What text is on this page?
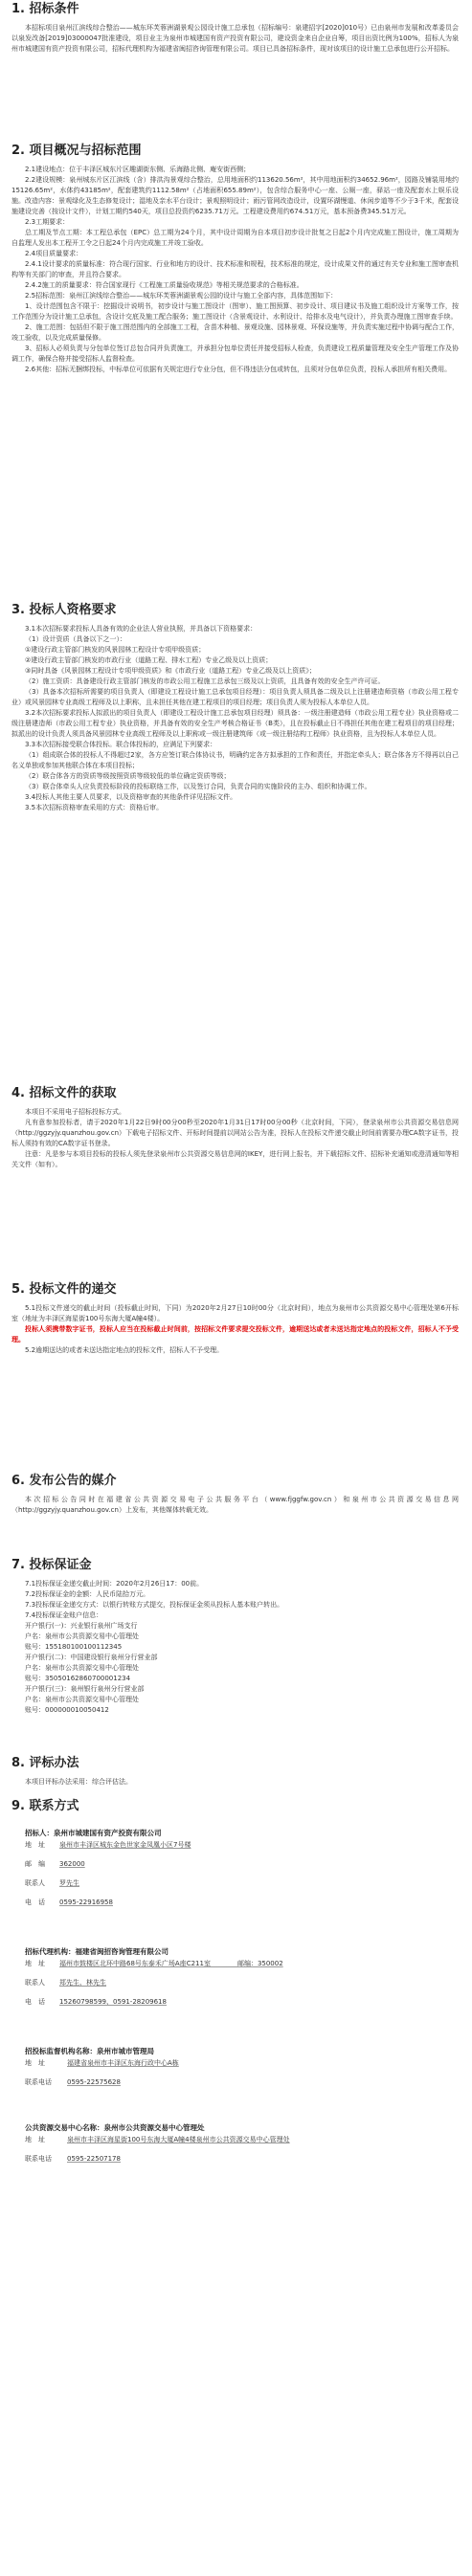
1. 招标条件

本招标项目泉州江滨线综合整治——城东环芙蓉洲湖景观公园设计施工总承包（招标编号：泉建招字[2020]010号）已由泉州市发展和改革委员会以泉发改备[2019]03000047批准建设，项目业主为泉州市城建国有资产投资有限公司，建设资金来自企业自筹，项目出资比例为100%，招标人为泉州市城建国有资产投资有限公司，招标代理机构为福建省闽招咨询管理有限公司。项目已具备招标条件，现对该项目的设计施工总承包进行公开招标。

2. 项目概况与招标范围

2.1建设地点：位于丰泽区城东片区趣湖街东侧、乐海路北侧、庵安街西侧；

2.2建设规模：泉州城东片区江滨线（含）排洪沟景观综合整治，总用地面积约113620.56m²，其中用地面积约34652.96m²，园路及铺装用地约15126.65m²，水体约43185m²，配套建筑约1112.58m²（占地面积655.89m²），包含综合服务中心一座、公厕一座，驿站一座及配套水上娱乐设施。改造内容：景观绿化及生态修复设计；湿地及亲水平台设计；景观照明设计；雨污管网改造设计，设置环湖慢道、休闲步道等不少于3千米，配套设施建设完善（按设计文件），计划工期约540天，项目总投资约6235.71万元。工程建设费用约674.51万元，基本预备费345.51万元。

2.3工期要求：

总工期及节点工期：本工程总承包（EPC）总工期为24个月，其中设计周期为自本项目初步设计批复之日起2个月内完成施工图设计，施工周期为自监理人发出本工程开工令之日起24个月内完成施工并竣工验收。

2.4项目质量要求：

2.4.1设计要求的质量标准：符合现行国家、行业和地方的设计、技术标准和规程，技术标准的规定，设计成果文件的通过有关专业和施工图审查机构等有关部门的审查，并且符合要求。

2.4.2施工的质量要求：符合国家现行《工程施工质量验收规范》等相关规范要求的合格标准。

2.5招标范围：泉州江滨线综合整治——城东环芙蓉洲湖景观公园的设计与施工全部内容，具体范围如下：

1、设计范围包含不限于：挖掘设计说明书，初步设计与施工图设计（图审）、施工图预算、初步设计、项目建议书及施工组织设计方案等工作，按工作范围分为设计施工总承包，含设计交底及施工配合服务；施工图设计（含景观设计、水利设计、给排水及电气设计），并负责办理施工图审查手续。

2、施工范围：包括但不限于施工图范围内的全部施工工程，含苗木种植、景观设施、园林景观、环保设施等，并负责实施过程中协调与配合工作，竣工验收，以及完成质量保修。

3、招标人必须负责与分包单位签订总包合同并负责施工，并承担分包单位责任并接受招标人检查，负责建设工程质量管理及安全生产管理工作及协调工作，确保合格并接受招标人监督检查。

2.6其他：招标无捆绑投标，中标单位可依据有关规定进行专业分包，但不得违法分包或转包，且须对分包单位负责，投标人承担所有相关费用。

3. 投标人资格要求

3.1本次招标要求投标人具备有效的企业法人营业执照，并具备以下资格要求：

（1）设计资质（具备以下之一）：

①建设行政主管部门核发的风景园林工程设计专项甲级资质；

②建设行政主管部门核发的市政行业（道路工程、排水工程）专业乙级及以上资质；

③同时具备《风景园林工程设计专项甲级资质》和《市政行业（道路工程）专业乙级及以上资质》；

（2）施工资质：具备建设行政主管部门核发的市政公用工程施工总承包三级及以上资质，且具备有效的安全生产许可证。

（3）具备本次招标所需要的项目负责人（即建设工程设计施工总承包项目经理）：项目负责人须具备二级及以上注册建造师资格（市政公用工程专业）或风景园林专业高级工程师及以上职称，且未担任其他在建工程项目的项目经理；项目负责人须为投标人本单位人员。

3.2本次招标要求投标人拟派出的项目负责人（即建设工程设计施工总承包项目经理）须具备：一级注册建造师（市政公用工程专业）执业资格或二级注册建造师（市政公用工程专业）执业资格，并具备有效的安全生产考核合格证书（B类），且在投标截止日不得担任其他在建工程项目的项目经理；拟派出的设计负责人须具备风景园林专业高级工程师及以上职称或一级注册建筑师（或一级注册结构工程师）执业资格，且为投标人本单位人员。

3.3本次招标接受联合体投标。联合体投标的，应满足下列要求：

（1）组成联合体的投标人不得超过2家，各方应签订联合体协议书，明确约定各方拟承担的工作和责任，并指定牵头人；联合体各方不得再以自己名义单独或参加其他联合体在本项目投标；

（2）联合体各方的资质等级按照资质等级较低的单位确定资质等级；

（3）联合体牵头人应负责投标阶段的投标联络工作，以及签订合同，负责合同的实施阶段的主办、组织和协调工作。

3.4投标人其他主要人员要求，以及资格审查的其他条件详见招标文件。

3.5本次招标资格审查采用的方式：资格后审。

4. 招标文件的获取

本项目不采用电子招标投标方式。

凡有意参加投标者，请于2020年1月22日9时00分00秒至2020年1月31日17时00分00秒（北京时间，下同），登录泉州市公共资源交易信息网（http://ggzyjy.quanzhou.gov.cn）下载电子招标文件、开标时间提前以网站公告为准，投标人在投标文件递交截止时间前需要办理CA数字证书，投标人须持有效的CA数字证书登录。

注意：凡是参与本项目投标的投标人须先登录泉州市公共资源交易信息网的IKEY，进行网上报名，并下载招标文件、招标补充通知或澄清通知等相关文件（如有）。

5. 投标文件的递交

5.1投标文件递交的截止时间（投标截止时间，下同）为2020年2月27日10时00分（北京时间），地点为泉州市公共资源交易中心管理处第6开标室（地址为丰泽区海星街100号东海大厦A幢4楼）。

投标人须携带数字证书，投标人应当在投标截止时间前，按招标文件要求提交投标文件，逾期送达或者未送达指定地点的投标文件，招标人不予受理。

5.2逾期送达的或者未送达指定地点的投标文件，招标人不予受理。

6. 发布公告的媒介

本次招标公告同时在福建省公共资源交易电子公共服务平台（www.fjggfw.gov.cn）和泉州市公共资源交易信息网（http://ggzyjy.quanzhou.gov.cn）上发布，其他媒体转载无效。

7. 投标保证金

7.1投标保证金递交截止时间：2020年2月26日17：00前。

7.2投标保证金的金额：人民币陆拾万元。

7.3投标保证金递交方式：以银行转账方式提交，投标保证金须从投标人基本账户转出。

7.4投标保证金账户信息：

开户银行(一)：兴业银行泉州广场支行

户名：泉州市公共资源交易中心管理处

账号：155180100100112345

开户银行(二)：中国建设银行泉州分行营业部

户名：泉州市公共资源交易中心管理处

账号：35050162860700001234

开户银行(三)：泉州银行泉州分行营业部

户名：泉州市公共资源交易中心管理处

账号：000000010050412

8. 评标办法

本项目评标办法采用：综合评估法。

9. 联系方式
招标人：泉州市城建国有资产投资有限公司
地　址	泉州市丰泽区城东金色世家金凤凰小区7号楼
邮　编	362000
联系人	罗先生
电　话	0595-22916958
招标代理机构：福建省闽招咨询管理有限公司
地　址	福州市鼓楼区北环中路68号东泰禾广场A座C211室　　　　邮编：350002
联系人	郑先生、林先生
电　话	15260798599、0591-28209618
招投标监督机构名称：泉州市城市管理局
地　址	福建省泉州市丰泽区东海行政中心A栋
联系电话	0595-22575628
公共资源交易中心名称：泉州市公共资源交易中心管理处
地　址	泉州市丰泽区海星街100号东海大厦A幢4楼泉州市公共资源交易中心管理处
联系电话	0595-22507178
